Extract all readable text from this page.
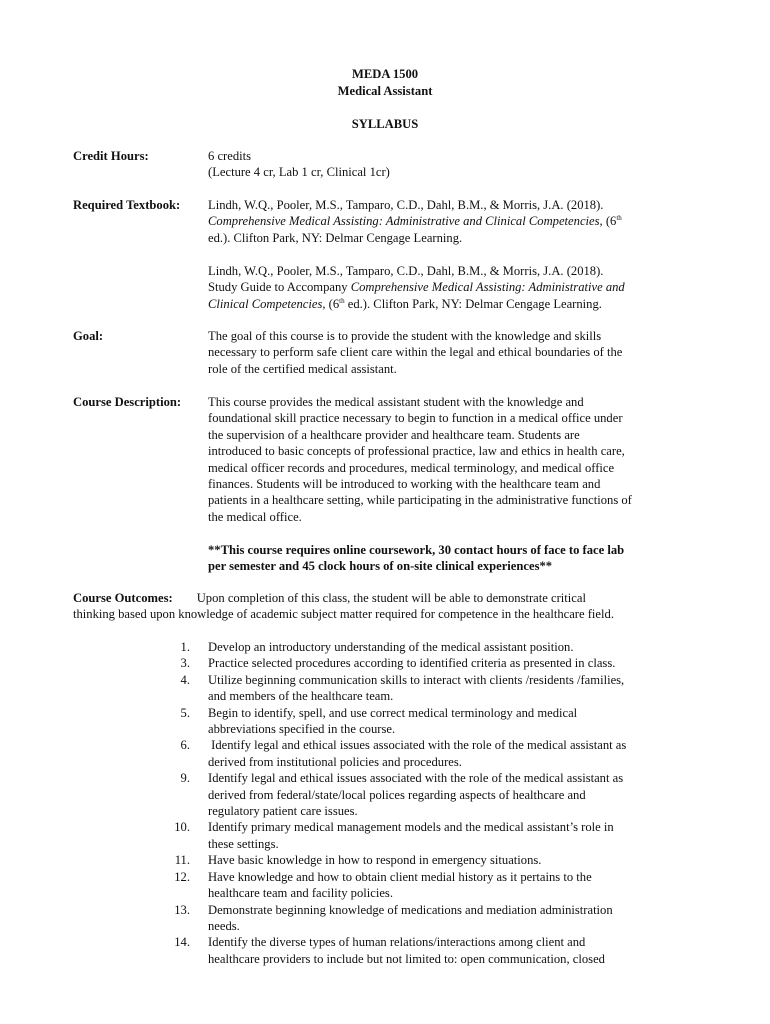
MEDA 1500
Medical Assistant
SYLLABUS
Credit Hours:	6 credits

(Lecture 4 cr, Lab 1 cr, Clinical 1cr)

Required Textbook: Lindh, W.Q., Pooler, M.S., Tamparo, C.D., Dahl, B.M., & Morris, J.A. (2018).

Comprehensive Medical Assisting: Administrative and Clinical Competencies, (6th

ed.). Clifton Park, NY: Delmar Cengage Learning.

Lindh, W.Q., Pooler, M.S., Tamparo, C.D., Dahl, B.M., & Morris, J.A. (2018).

Study Guide to Accompany Comprehensive Medical Assisting: Administrative and

Clinical Competencies, (6th ed.). Clifton Park, NY: Delmar Cengage Learning.

Goal:	The goal of this course is to provide the student with the knowledge and skills

necessary to perform safe client care within the legal and ethical boundaries of the

role of the certified medical assistant.

Course Description: This course provides the medical assistant student with the knowledge and

foundational skill practice necessary to begin to function in a medical office under

the supervision of a healthcare provider and healthcare team. Students are

introduced to basic concepts of professional practice, law and ethics in health care,

medical officer records and procedures, medical terminology, and medical office

finances. Students will be introduced to working with the healthcare team and

patients in a healthcare setting, while participating in the administrative functions of

the medical office.

**This course requires online coursework, 30 contact hours of face to face lab

per semester and 45 clock hours of on-site clinical experiences**

Course Outcomes: Upon completion of this class, the student will be able to demonstrate critical
thinking based upon knowledge of academic subject matter required for competence in the healthcare field.
1.	Develop an introductory understanding of the medical assistant position.
3.	Practice selected procedures according to identified criteria as presented in class.
4.	Utilize beginning communication skills to interact with clients /residents /families,
and members of the healthcare team.
5.	Begin to identify, spell, and use correct medical terminology and medical
abbreviations specified in the course.
6.	Identify legal and ethical issues associated with the role of the medical assistant as
derived from institutional policies and procedures.
9.	Identify legal and ethical issues associated with the role of the medical assistant as
derived from federal/state/local polices regarding aspects of healthcare and
regulatory patient care issues.
10.	Identify primary medical management models and the medical assistant’s role in
these settings.
11.	Have basic knowledge in how to respond in emergency situations.
12.	Have knowledge and how to obtain client medial history as it pertains to the
healthcare team and facility policies.
13.	Demonstrate beginning knowledge of medications and mediation administration
needs.
14.	Identify the diverse types of human relations/interactions among client and
healthcare providers to include but not limited to: open communication, closed
